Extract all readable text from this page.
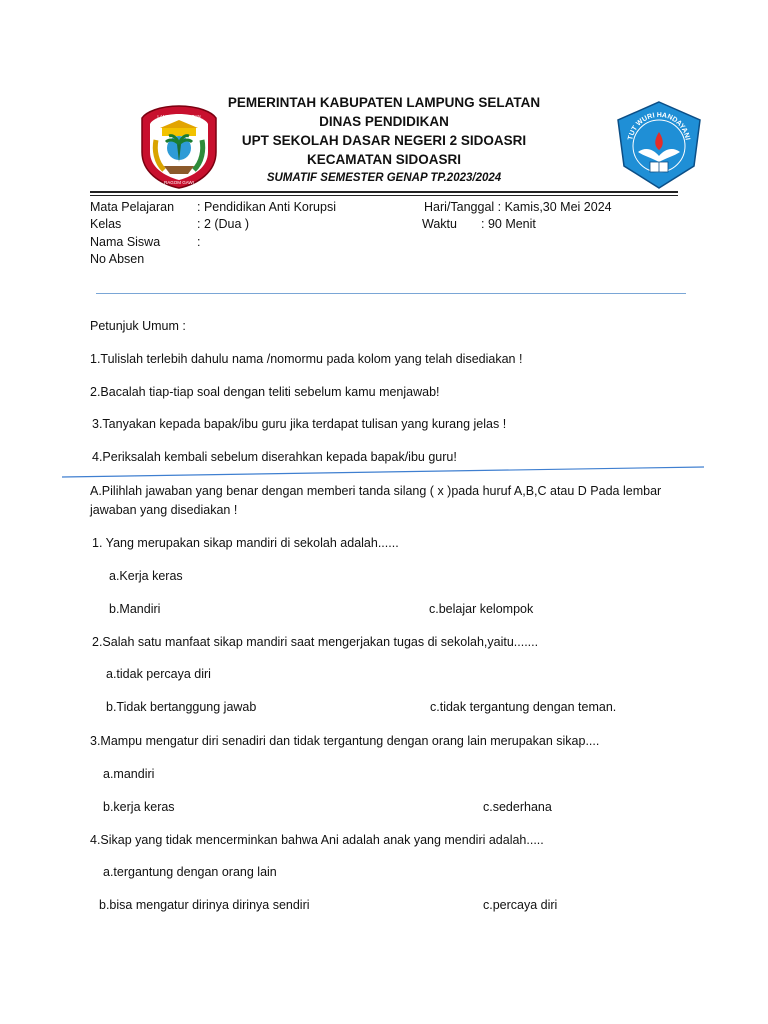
LAMPUNG SELATAN
RAGOM GAWI
TUT WURI HANDAYANI
PEMERINTAH KABUPATEN LAMPUNG SELATAN
DINAS PENDIDIKAN
UPT SEKOLAH DASAR NEGERI 2 SIDOASRI
KECAMATAN SIDOASRI
SUMATIF SEMESTER GENAP TP.2023/2024
Mata Pelajaran : Pendidikan Anti Korupsi	Hari/Tanggal : Kamis,30 Mei 2024
Kelas	: 2 (Dua )	Waktu : 90 Menit
Nama Siswa	:
No Absen
Petunjuk Umum :
1.Tulislah terlebih dahulu nama /nomormu pada kolom yang telah disediakan !
2.Bacalah tiap-tiap soal dengan teliti sebelum kamu menjawab!
3.Tanyakan kepada bapak/ibu guru jika terdapat tulisan yang kurang jelas !
4.Periksalah kembali sebelum diserahkan kepada bapak/ibu guru!
A.Pilihlah jawaban yang benar dengan memberi tanda silang ( x )pada huruf A,B,C atau D Pada lembar
jawaban yang disediakan !
1. Yang merupakan sikap mandiri di sekolah adalah......
a.Kerja keras
b.Mandiri	c.belajar kelompok
2.Salah satu manfaat sikap mandiri saat mengerjakan tugas di sekolah,yaitu.......
a.tidak percaya diri
b.Tidak bertanggung jawab	c.tidak tergantung dengan teman.
3.Mampu mengatur diri senadiri dan tidak tergantung dengan orang lain merupakan sikap....
a.mandiri
b.kerja keras	c.sederhana
4.Sikap yang tidak mencerminkan bahwa Ani adalah anak yang mendiri adalah.....
a.tergantung dengan orang lain
b.bisa mengatur dirinya dirinya sendiri	c.percaya diri
